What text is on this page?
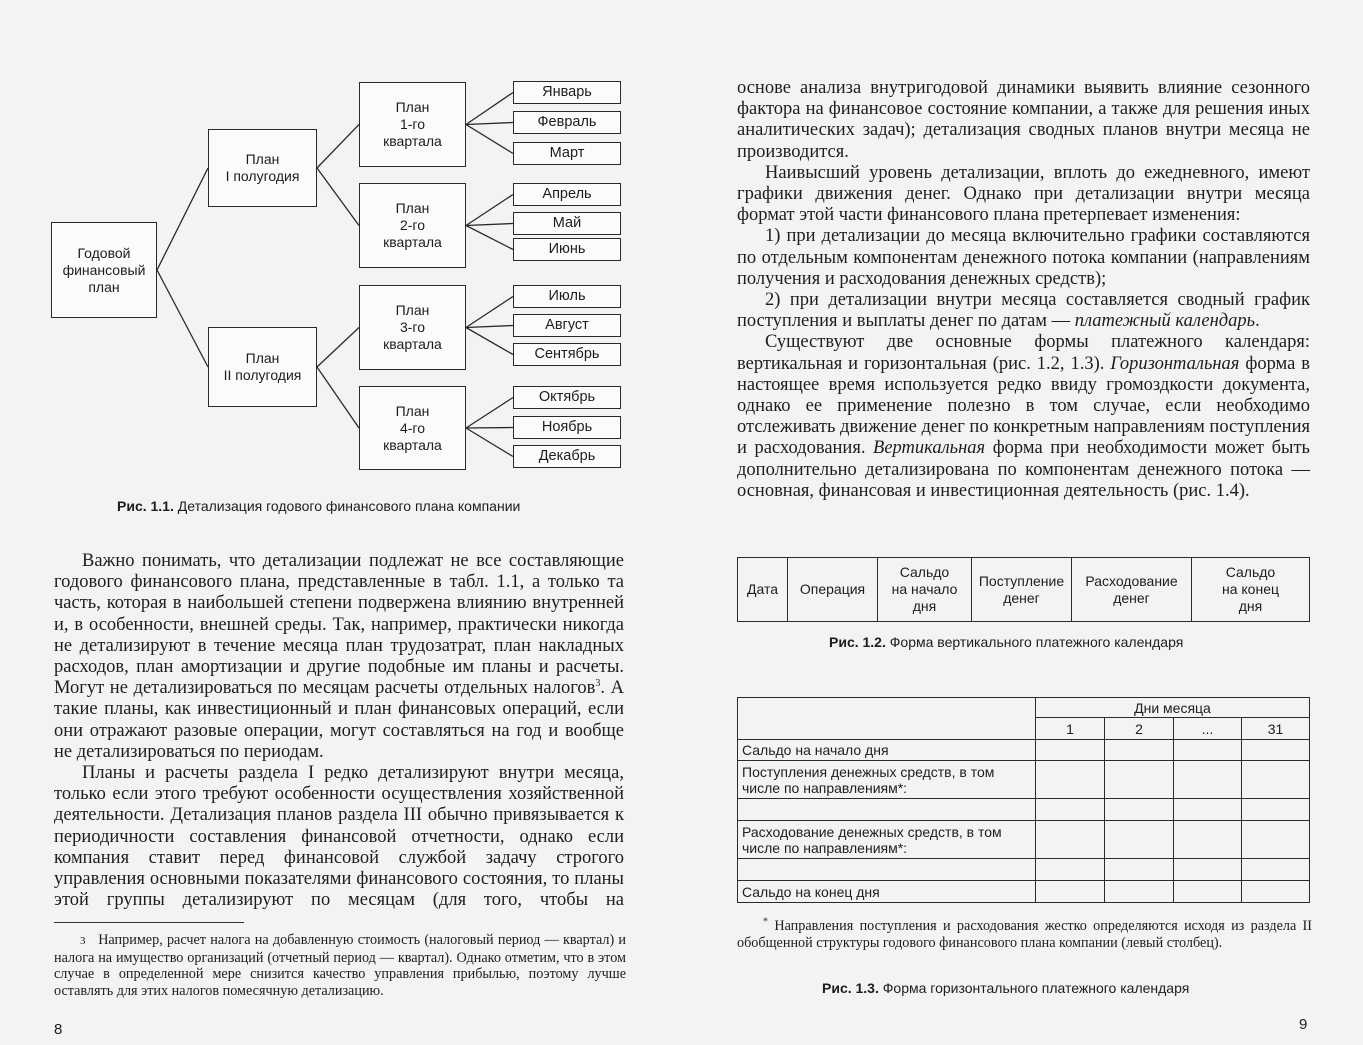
Годовой
финансовый
план
План
I полугодия
План
II полугодия
План
1-го
квартала
План
2-го
квартала
План
3-го
квартала
План
4-го
квартала
Январь
Февраль
Март
Апрель
Май
Июнь
Июль
Август
Сентябрь
Октябрь
Ноябрь
Декабрь
Рис. 1.1. Детализация годового финансового плана компании

Важно понимать, что детализации подлежат не все составляющие годового финансового плана, представленные в табл. 1.1, а только та часть, которая в наибольшей степени подвержена влиянию внутренней и, в особенности, внешней среды. Так, например, практически никогда не детализируют в течение месяца план трудозатрат, план накладных расходов, план амортизации и другие подобные им планы и расчеты. Могут не детализироваться по месяцам расчеты отдельных налогов$^3$. А такие планы, как инвестиционный и план финансовых операций, если они отражают разовые операции, могут составляться на год и вообще не детализироваться по периодам.

Планы и расчеты раздела I редко детализируют внутри месяца, только если этого требуют особенности осуществления хозяйственной деятельности. Детализация планов раздела III обычно привязывается к периодичности составления финансовой отчетности, однако если компания ставит перед финансовой службой задачу строгого управления основными показателями финансового состояния, то планы этой группы детализируют по месяцам (для того, чтобы на

3 Например, расчет налога на добавленную стоимость (налоговый период — квартал) и налога на имущество организаций (отчетный период — квартал). Однако отметим, что в этом случае в определенной мере снизится качество управления прибылью, поэтому лучше оставлять для этих налогов помесячную детализацию.

8

основе анализа внутригодовой динамики выявить влияние сезонного фактора на финансовое состояние компании, а также для решения иных аналитических задач); детализация сводных планов внутри месяца не производится.

Наивысший уровень детализации, вплоть до ежедневного, имеют графики движения денег. Однако при детализации внутри месяца формат этой части финансового плана претерпевает изменения:

1) при детализации до месяца включительно графики составляются по отдельным компонентам денежного потока компании (направлениям получения и расходования денежных средств);

2) при детализации внутри месяца составляется сводный график поступления и выплаты денег по датам — платежный календарь.

Существуют две основные формы платежного календаря: вертикальная и горизонтальная (рис. 1.2, 1.3). Горизонтальная форма в настоящее время используется редко ввиду громоздкости документа, однако ее применение полезно в том случае, если необходимо отслеживать движение денег по конкретным направлениям поступления и расходования. Вертикальная форма при необходимости может быть дополнительно детализирована по компонентам денежного потока — основная, финансовая и инвестиционная деятельность (рис. 1.4).

Дата	Операция	Сальдо
на начало
дня	Поступление
денег	Расходование
денег	Сальдо
на конец
дня
Рис. 1.2. Форма вертикального платежного календаря
	Дни месяца			
	1	2	...	31
Сальдо на начало дня				
Поступления денежных средств, в том
числе по направлениям*:				

Расходование денежных средств, в том
числе по направлениям*:				

Сальдо на конец дня				

* Направления поступления и расходования жестко определяются исходя из раздела II обобщенной структуры годового финансового плана компании (левый столбец).

Рис. 1.3. Форма горизонтального платежного календаря
9
